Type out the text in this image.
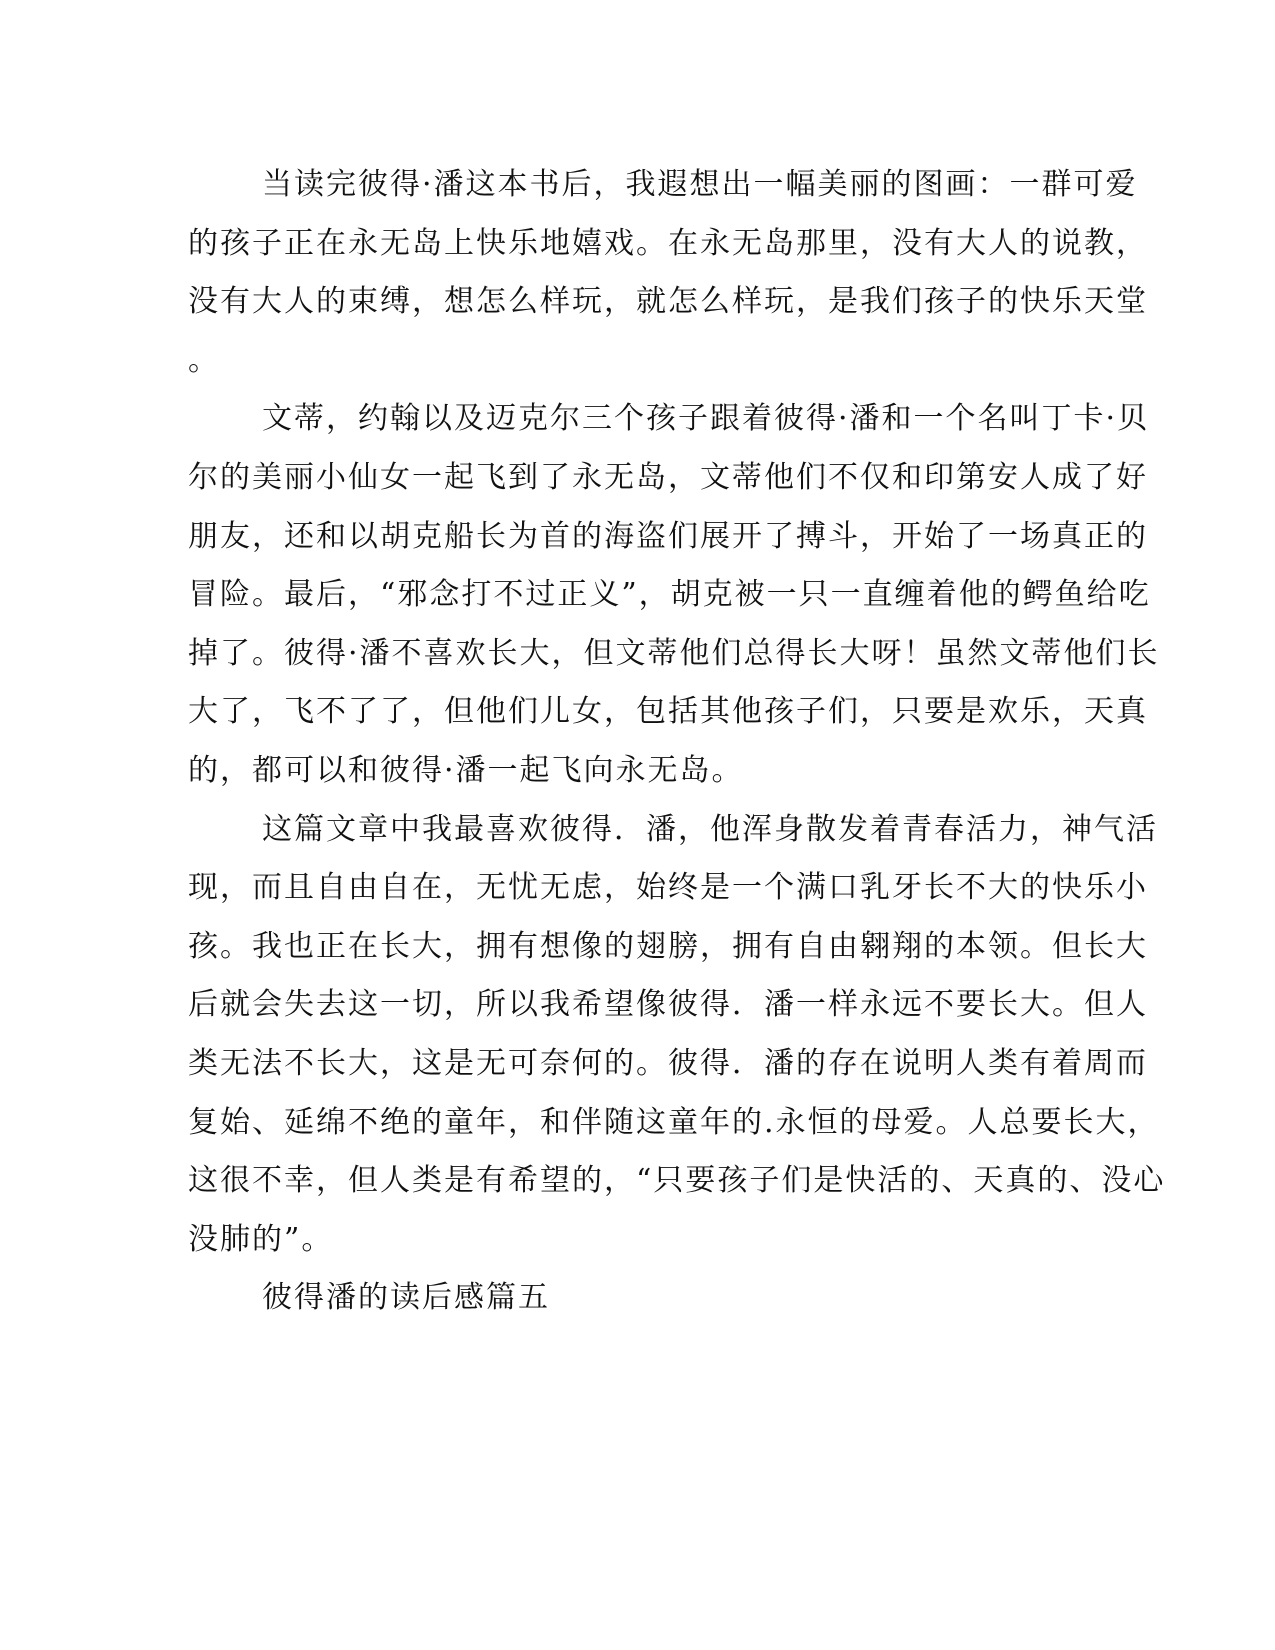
当读完彼得·潘这本书后，我遐想出一幅美丽的图画：一群可爱
的孩子正在永无岛上快乐地嬉戏。在永无岛那里，没有大人的说教，
没有大人的束缚，想怎么样玩，就怎么样玩，是我们孩子的快乐天堂
。
文蒂，约翰以及迈克尔三个孩子跟着彼得·潘和一个名叫丁卡·贝
尔的美丽小仙女一起飞到了永无岛，文蒂他们不仅和印第安人成了好
朋友，还和以胡克船长为首的海盗们展开了搏斗，开始了一场真正的
冒险。最后，“邪念打不过正义”，胡克被一只一直缠着他的鳄鱼给吃
掉了。彼得·潘不喜欢长大，但文蒂他们总得长大呀！虽然文蒂他们长
大了，飞不了了，但他们儿女，包括其他孩子们，只要是欢乐，天真
的，都可以和彼得·潘一起飞向永无岛。
这篇文章中我最喜欢彼得．潘，他浑身散发着青春活力，神气活
现，而且自由自在，无忧无虑，始终是一个满口乳牙长不大的快乐小
孩。我也正在长大，拥有想像的翅膀，拥有自由翱翔的本领。但长大
后就会失去这一切，所以我希望像彼得．潘一样永远不要长大。但人
类无法不长大，这是无可奈何的。彼得．潘的存在说明人类有着周而
复始、延绵不绝的童年，和伴随这童年的.永恒的母爱。人总要长大，
这很不幸，但人类是有希望的，“只要孩子们是快活的、天真的、没心
没肺的”。
彼得潘的读后感篇五
